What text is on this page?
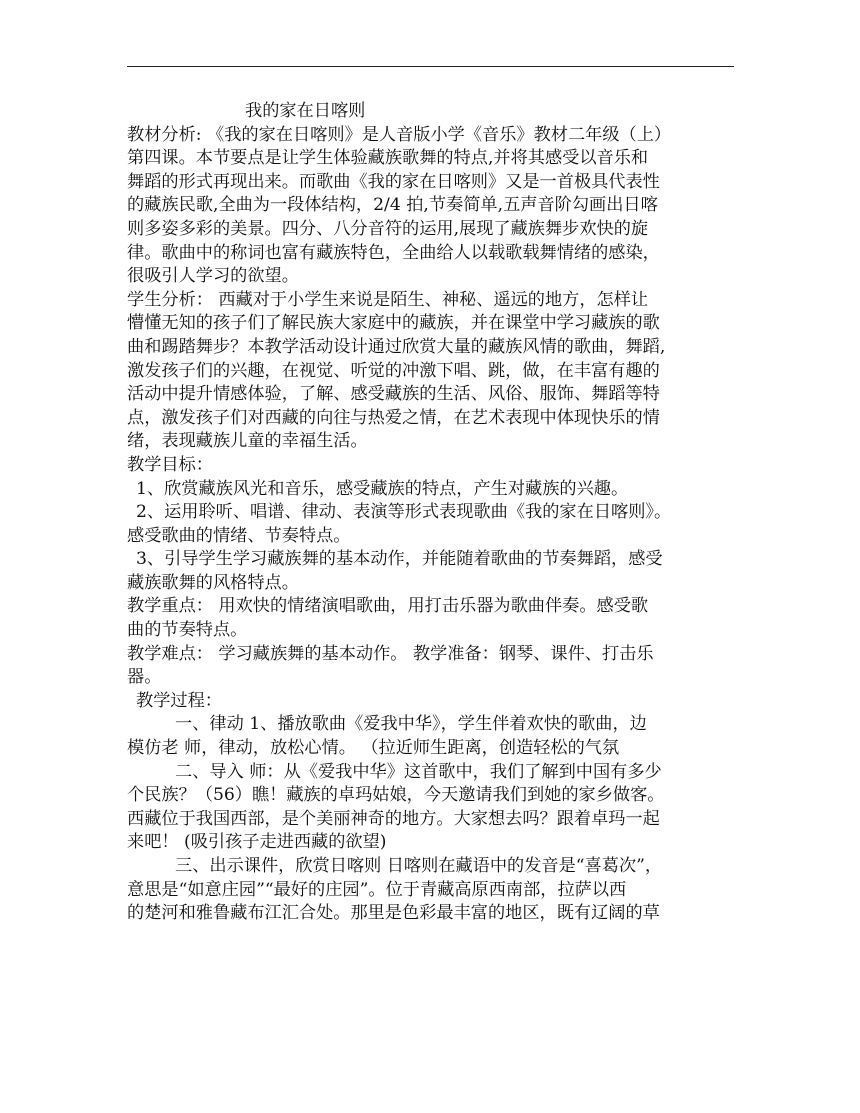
我的家在日喀则
教材分析: 《我的家在日喀则》是人音版小学《音乐》教材二年级（上）
第四课。本节要点是让学生体验藏族歌舞的特点,并将其感受以音乐和
舞蹈的形式再现出来。而歌曲《我的家在日喀则》又是一首极具代表性
的藏族民歌,全曲为一段体结构，2/4 拍,节奏简单,五声音阶勾画出日喀
则多姿多彩的美景。四分、八分音符的运用,展现了藏族舞步欢快的旋
律。歌曲中的称词也富有藏族特色，全曲给人以载歌载舞情绪的感染，
很吸引人学习的欲望。
学生分析： 西藏对于小学生来说是陌生、神秘、遥远的地方，怎样让
懵懂无知的孩子们了解民族大家庭中的藏族，并在课堂中学习藏族的歌
曲和踢踏舞步？本教学活动设计通过欣赏大量的藏族风情的歌曲，舞蹈,
激发孩子们的兴趣，在视觉、听觉的冲激下唱、跳，做，在丰富有趣的
活动中提升情感体验，了解、感受藏族的生活、风俗、服饰、舞蹈等特
点，激发孩子们对西藏的向往与热爱之情，在艺术表现中体现快乐的情
绪，表现藏族儿童的幸福生活。
教学目标：
1、欣赏藏族风光和音乐，感受藏族的特点，产生对藏族的兴趣。
2、运用聆听、唱谱、律动、表演等形式表现歌曲《我的家在日喀则》。
感受歌曲的情绪、节奏特点。
3、引导学生学习藏族舞的基本动作，并能随着歌曲的节奏舞蹈，感受
藏族歌舞的风格特点。
教学重点： 用欢快的情绪演唱歌曲，用打击乐器为歌曲伴奏。感受歌
曲的节奏特点。
教学难点： 学习藏族舞的基本动作。 教学准备：钢琴、课件、打击乐
器。
教学过程：
一、律动 1、播放歌曲《爱我中华》，学生伴着欢快的歌曲，边
模仿老 师，律动，放松心情。 （拉近师生距离，创造轻松的气氛
二、导入 师：从《爱我中华》这首歌中，我们了解到中国有多少
个民族？（56）瞧！藏族的卓玛姑娘，今天邀请我们到她的家乡做客。
西藏位于我国西部，是个美丽神奇的地方。大家想去吗？跟着卓玛一起
来吧！ (吸引孩子走进西藏的欲望)
三、出示课件，欣赏日喀则 日喀则在藏语中的发音是“喜葛次”，
意思是“如意庄园”“最好的庄园”。位于青藏高原西南部，拉萨以西
的楚河和雅鲁藏布江汇合处。那里是色彩最丰富的地区，既有辽阔的草
